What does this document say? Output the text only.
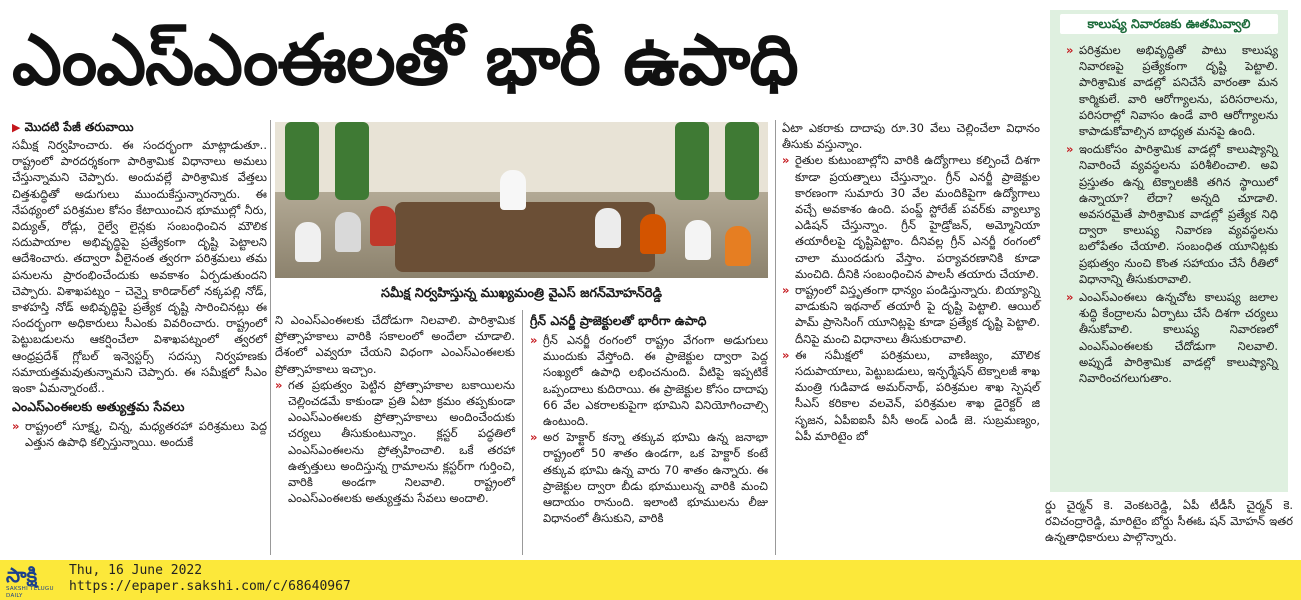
ఎంఎస్‌ఎంఈలతో భారీ ఉపాధి
▶ మొదటి పేజీ తరువాయి

సమీక్ష నిర్వహించారు. ఈ సందర్భంగా మాట్లాడుతూ.. రాష్ట్రంలో పారదర్శకంగా పారిశ్రామిక విధానాలు అమలు చేస్తున్నామని చెప్పారు. అందువల్లే పారిశ్రామిక వేత్తలు చిత్తశుద్ధితో అడుగులు ముందుకేస్తున్నారన్నారు. ఈ నేపథ్యంలో పరిశ్రమల కోసం కేటాయించిన భూముల్లో నీరు, విద్యుత్, రోడ్లు, రైల్వే లైన్లకు సంబంధించిన మౌలిక సదుపాయాల అభివృద్ధిపై ప్రత్యేకంగా దృష్టి పెట్టాలని ఆదేశించారు. తద్వారా వీలైనంత త్వరగా పరిశ్రమలు తమ పనులను ప్రారంభించేందుకు అవకాశం ఏర్పడుతుందని చెప్పారు. విశాఖపట్నం – చెన్నై కారిడార్‌లో నక్కపల్లి నోడ్, కాళహస్తి నోడ్ అభివృద్ధిపై ప్రత్యేక దృష్టి సారించినట్లు ఈ సందర్భంగా అధికారులు సీఎంకు వివరించారు. రాష్ట్రంలో పెట్టుబడులను ఆకర్షించేలా విశాఖపట్నంలో త్వరలో ఆంధ్రప్రదేశ్ గ్లోబల్ ఇన్వెస్టర్స్ సదస్సు నిర్వహణకు సమాయత్తమవుతున్నామని చెప్పారు. ఈ సమీక్షలో సీఎం ఇంకా ఏమన్నారంటే..

ఎంఎస్‌ఎంఈలకు అత్యుత్తమ సేవలు

» రాష్ట్రంలో సూక్ష్మ, చిన్న, మధ్యతరహా పరిశ్రమలు పెద్ద ఎత్తున ఉపాధి కల్పిస్తున్నాయి. అందుకే

సమీక్ష నిర్వహిస్తున్న ముఖ్యమంత్రి వైఎస్‌ జగన్‌మోహన్‌రెడ్డి

ని ఎంఎస్‌ఎంఈలకు చేదోడుగా నిలవాలి. పారిశ్రామిక ప్రోత్సాహకాలు వారికి సకాలంలో అందేలా చూడాలి. దేశంలో ఎవ్వరూ చేయని విధంగా ఎంఎస్‌ఎంఈలకు ప్రోత్సాహకాలు ఇచ్చాం.

» గత ప్రభుత్వం పెట్టిన ప్రోత్సాహకాల బకాయిలను చెల్లించడమే కాకుండా ప్రతి ఏటా క్రమం తప్పకుండా ఎంఎస్‌ఎంఈలకు ప్రోత్సాహకాలు అందించేందుకు చర్యలు తీసుకుంటున్నాం. క్లస్టర్ పద్ధతిలో ఎంఎస్‌ఎంఈలను ప్రోత్సహించాలి. ఒకే తరహా ఉత్పత్తులు అందిస్తున్న గ్రామాలను క్లస్టర్‌గా గుర్తించి, వారికి అండగా నిలవాలి. రాష్ట్రంలో ఎంఎస్‌ఎంఈలకు అత్యుత్తమ సేవలు అందాలి.

గ్రీన్ ఎనర్జీ ప్రాజెక్టులతో భారీగా ఉపాధి

» గ్రీన్ ఎనర్జీ రంగంలో రాష్ట్రం వేగంగా అడుగులు ముందుకు వేస్తోంది. ఈ ప్రాజెక్టుల ద్వారా పెద్ద సంఖ్యలో ఉపాధి లభించనుంది. వీటిపై ఇప్పటికే ఒప్పందాలు కుదిరాయి. ఈ ప్రాజెక్టుల కోసం దాదాపు 66 వేల ఎకరాలకుపైగా భూమిని వినియోగించాల్సి ఉంటుంది.

» అర హెక్టార్ కన్నా తక్కువ భూమి ఉన్న జనాభా రాష్ట్రంలో 50 శాతం ఉండగా, ఒక హెక్టార్ కంటే తక్కువ భూమి ఉన్న వారు 70 శాతం ఉన్నారు. ఈ ప్రాజెక్టుల ద్వారా బీడు భూములున్న వారికి మంచి ఆదాయం రానుంది. ఇలాంటి భూములను లీజు విధానంలో తీసుకుని, వారికి

ఏటా ఎకరాకు దాదాపు రూ.30 వేలు చెల్లించేలా విధానం తీసుకు వస్తున్నాం.

» రైతుల కుటుంబాల్లోని వారికి ఉద్యోగాలు కల్పించే దిశగా కూడా ప్రయత్నాలు చేస్తున్నాం. గ్రీన్ ఎనర్జీ ప్రాజెక్టుల కారణంగా సుమారు 30 వేల మందికిపైగా ఉద్యోగాలు వచ్చే అవకాశం ఉంది. పంప్డ్ స్టోరేజ్ పవర్‌కు వ్యాల్యూ ఎడిషన్ చేస్తున్నాం. గ్రీన్ హైడ్రోజన్, అమ్మోనియా తయారీలపై దృష్టిపెట్టాం. దీనివల్ల గ్రీన్ ఎనర్జీ రంగంలో చాలా ముందడుగు వేస్తాం. పర్యావరణానికి కూడా మంచిది. దీనికి సంబంధించిన పాలసీ తయారు చేయాలి.

» రాష్ట్రంలో విస్తృతంగా ధాన్యం పండిస్తున్నారు. బియ్యాన్ని వాడుకుని ఇథనాల్ తయారీ పై దృష్టి పెట్టాలి. ఆయిల్ పామ్ ప్రాసెసింగ్ యూనిట్లపై కూడా ప్రత్యేక దృష్టి పెట్టాలి. దీనిపై మంచి విధానాలు తీసుకురావాలి.

» ఈ సమీక్షలో పరిశ్రమలు, వాణిజ్యం, మౌలిక సదుపాయాలు, పెట్టుబడులు, ఇన్ఫర్మేషన్ టెక్నాలజీ శాఖ మంత్రి గుడివాడ అమర్‌నాథ్, పరిశ్రమల శాఖ స్పెషల్ సీఎస్ కరికాల వలవెన్, పరిశ్రమల శాఖ డైరెక్టర్ జి సృజన, ఏపీఐఐసీ వీసీ అండ్ ఎండీ జె. సుబ్రమణ్యం, ఏపీ మారిటైం బో

కాలుష్య నివారణకు ఊతమివ్వాలి

» పరిశ్రమల అభివృద్ధితో పాటు కాలుష్య నివారణపై ప్రత్యేకంగా దృష్టి పెట్టాలి. పారిశ్రామిక వాడల్లో పనిచేసే వారంతా మన కార్మికులే. వారి ఆరోగ్యాలను, పరిసరాలను, పరిసరాల్లో నివాసం ఉండే వారి ఆరోగ్యాలను కాపాడుకోవాల్సిన బాధ్యత మనపై ఉంది.

» ఇందుకోసం పారిశ్రామిక వాడల్లో కాలుష్యాన్ని నివారించే వ్యవస్థలను పరిశీలించాలి. అవి ప్రస్తుతం ఉన్న టెక్నాలజీకి తగిన స్థాయిలో ఉన్నాయా? లేదా? అన్నది చూడాలి. అవసరమైతే పారిశ్రామిక వాడల్లో ప్రత్యేక నిధి ద్వారా కాలుష్య నివారణ వ్యవస్థలను బలోపేతం చేయాలి. సంబంధిత యూనిట్లకు ప్రభుత్వం నుంచి కొంత సహాయం చేసే రీతిలో విధానాన్ని తీసుకురావాలి.

» ఎంఎస్‌ఎంఈలు ఉన్నచోట కాలుష్య జలాల శుద్ధి కేంద్రాలను ఏర్పాటు చేసే దిశగా చర్యలు తీసుకోవాలి. కాలుష్య నివారణలో ఎంఎస్‌ఎంఈలకు చేదోడుగా నిలవాలి. అప్పుడే పారిశ్రామిక వాడల్లో కాలుష్యాన్ని నివారించగలుగుతాం.

ర్డు చైర్మన్ కె. వెంకటరెడ్డి, ఏపీ టీడీసీ చైర్మన్ కె. రవిచంద్రారెడ్డి, మారిటైం బోర్డు సీఈఓ షన్ మోహన్ ఇతర ఉన్నతాధికారులు పాల్గొన్నారు.

సాక్షి
SAKSHI TELUGU DAILY
Thu, 16 June 2022
https://epaper.sakshi.com/c/68640967
